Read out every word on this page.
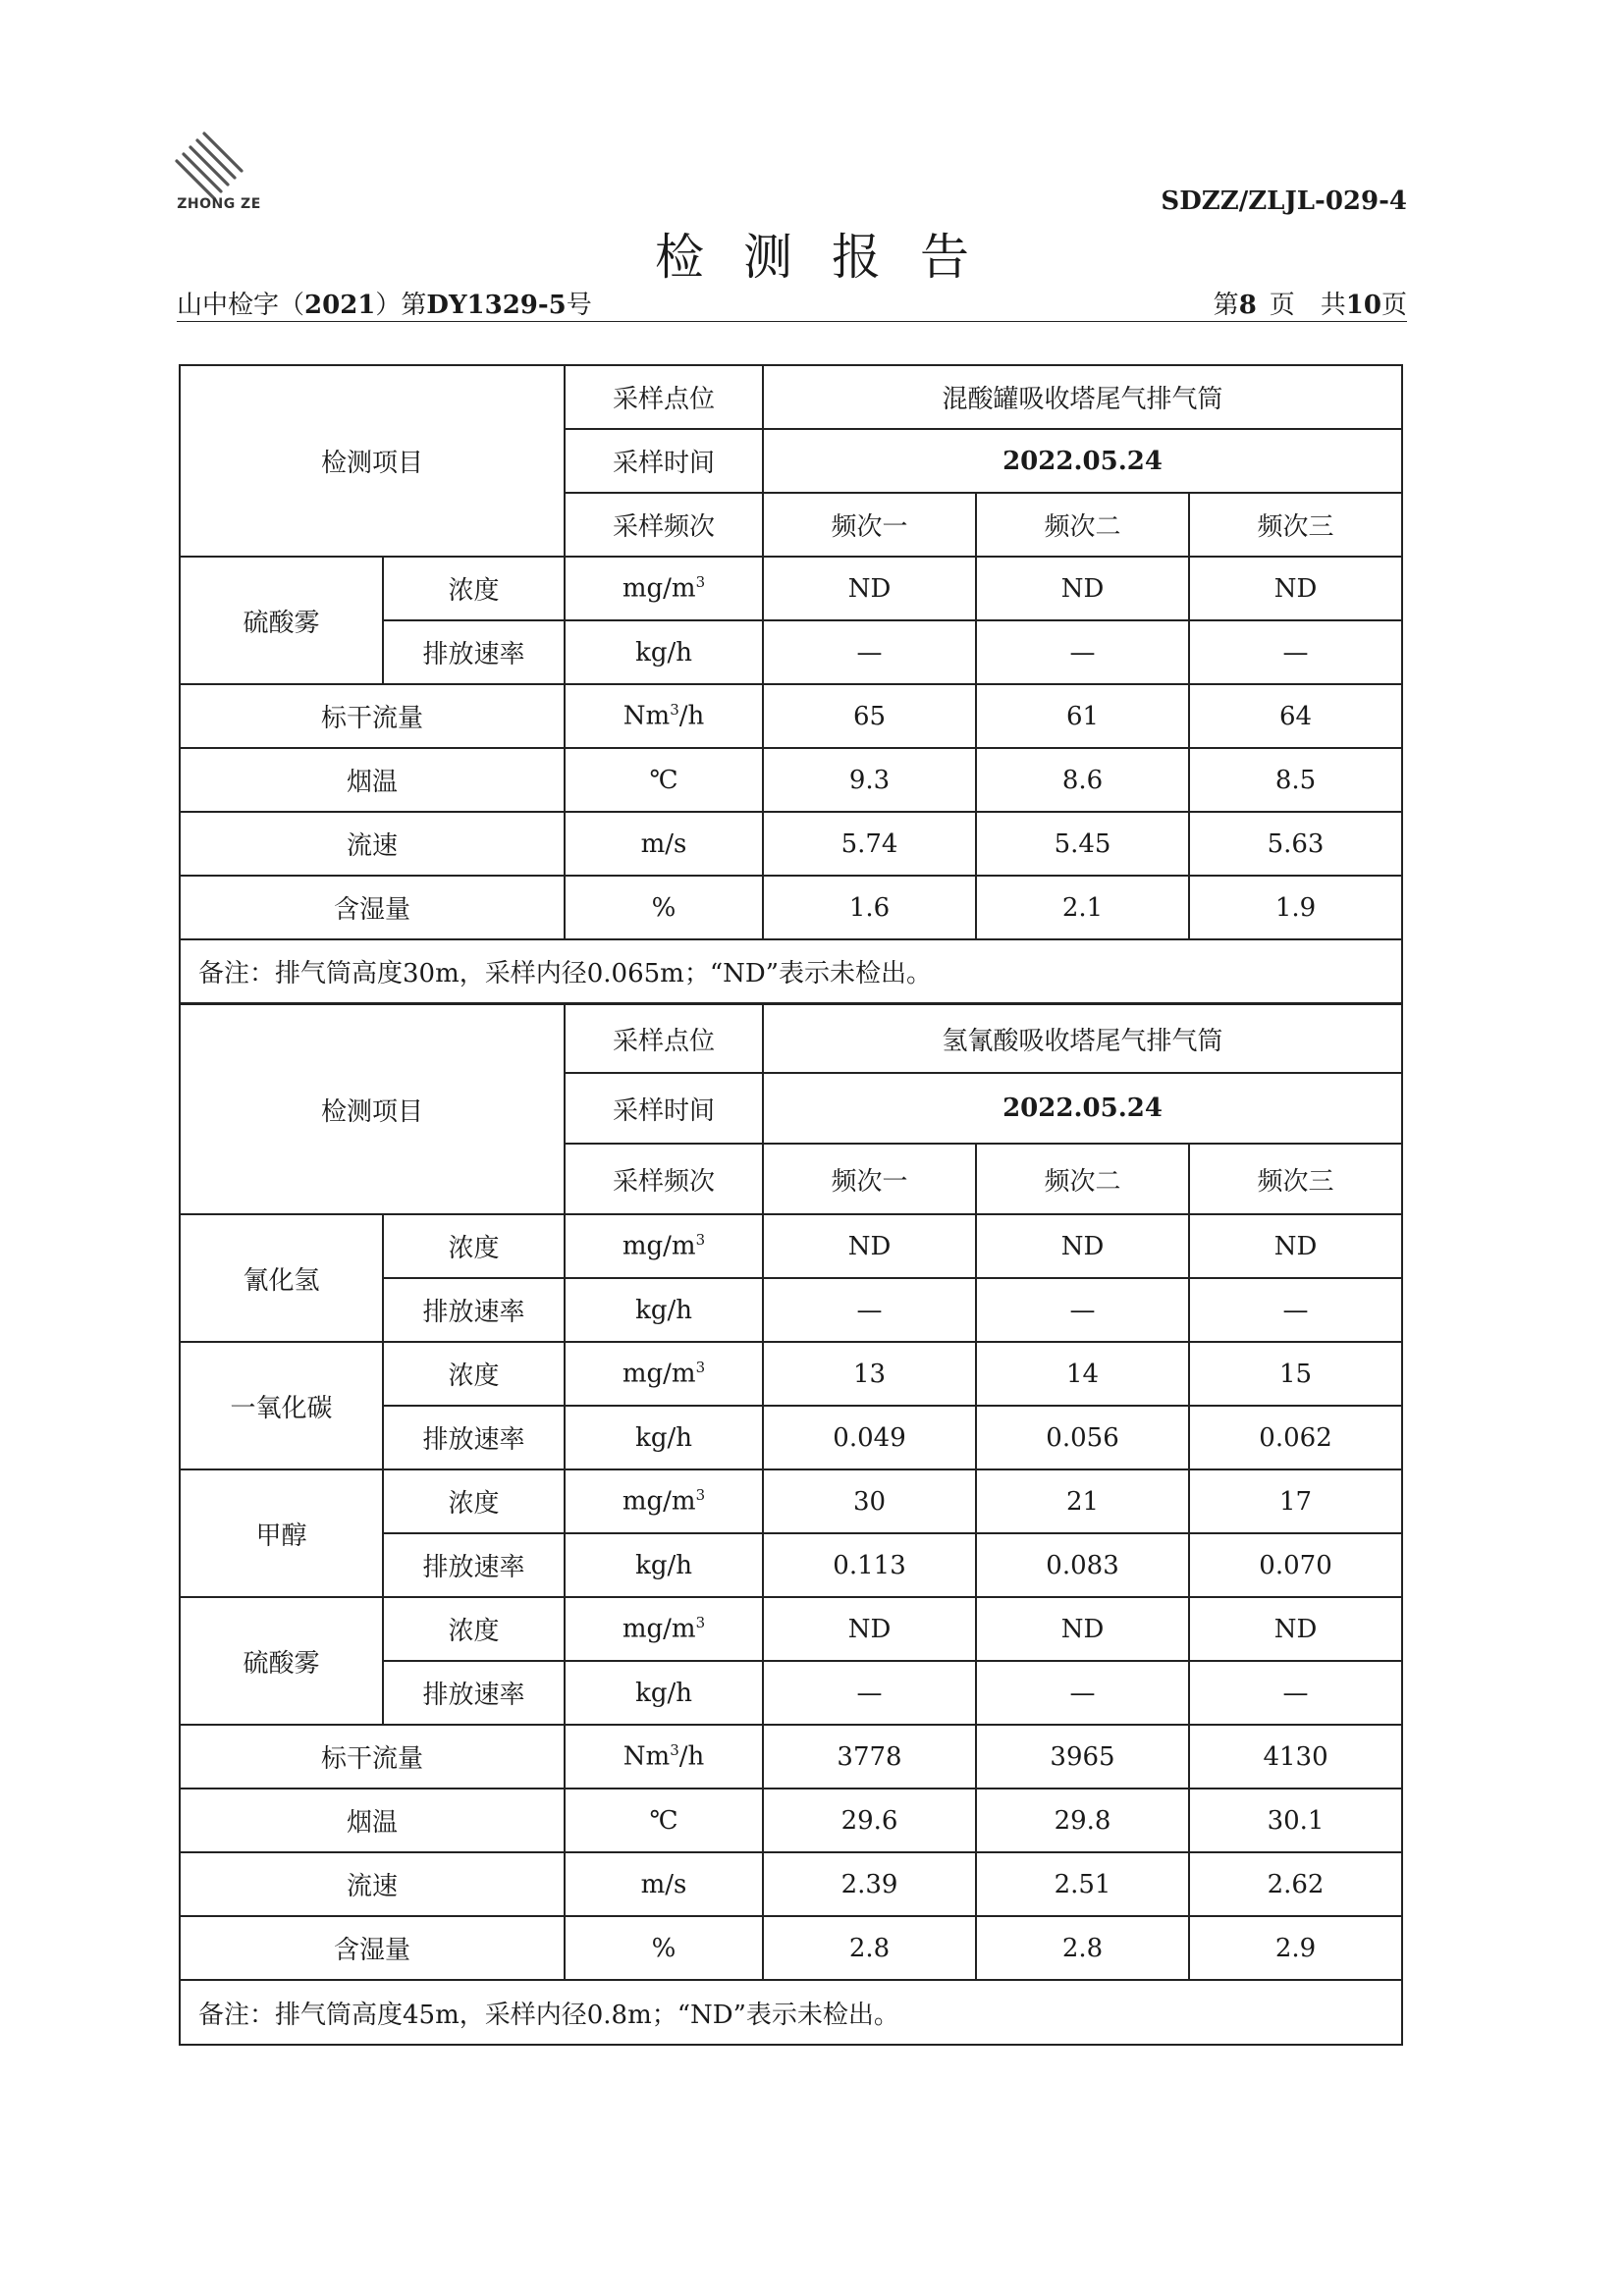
ZHONG ZE	SDZZ/ZLJL-029-4
检测报告
山中检字（2021）第DY1329-5号	第8  页　共10页
检测项目		采样点位	混酸罐吸收塔尾气排气筒		
		采样时间	2022.05.24		
		采样频次	频次一	频次二	频次三
硫酸雾	浓度	$mg/m^3$	ND	ND	ND
	排放速率	kg/h	—	—	—
标干流量		Nm$^3$/h	65	61	64
烟温		℃	9.3	8.6	8.5
流速		m/s	5.74	5.45	5.63
含湿量		%	1.6	2.1	1.9
备注：排气筒高度30m，采样内径0.065m；“ND”表示未检出。					
检测项目		采样点位	氢氰酸吸收塔尾气排气筒		
		采样时间	2022.05.24		
		采样频次	频次一	频次二	频次三
氰化氢	浓度	$mg/m^3$	ND	ND	ND
	排放速率	kg/h	—	—	—
一氧化碳	浓度	$mg/m^3$	13	14	15
	排放速率	kg/h	0.049	0.056	0.062
甲醇	浓度	$mg/m^3$	30	21	17
	排放速率	kg/h	0.113	0.083	0.070
硫酸雾	浓度	$mg/m^3$	ND	ND	ND
	排放速率	kg/h	—	—	—
标干流量		Nm$^3$/h	3778	3965	4130
烟温		℃	29.6	29.8	30.1
流速		m/s	2.39	2.51	2.62
含湿量		%	2.8	2.8	2.9
备注：排气筒高度45m，采样内径0.8m；“ND”表示未检出。					
